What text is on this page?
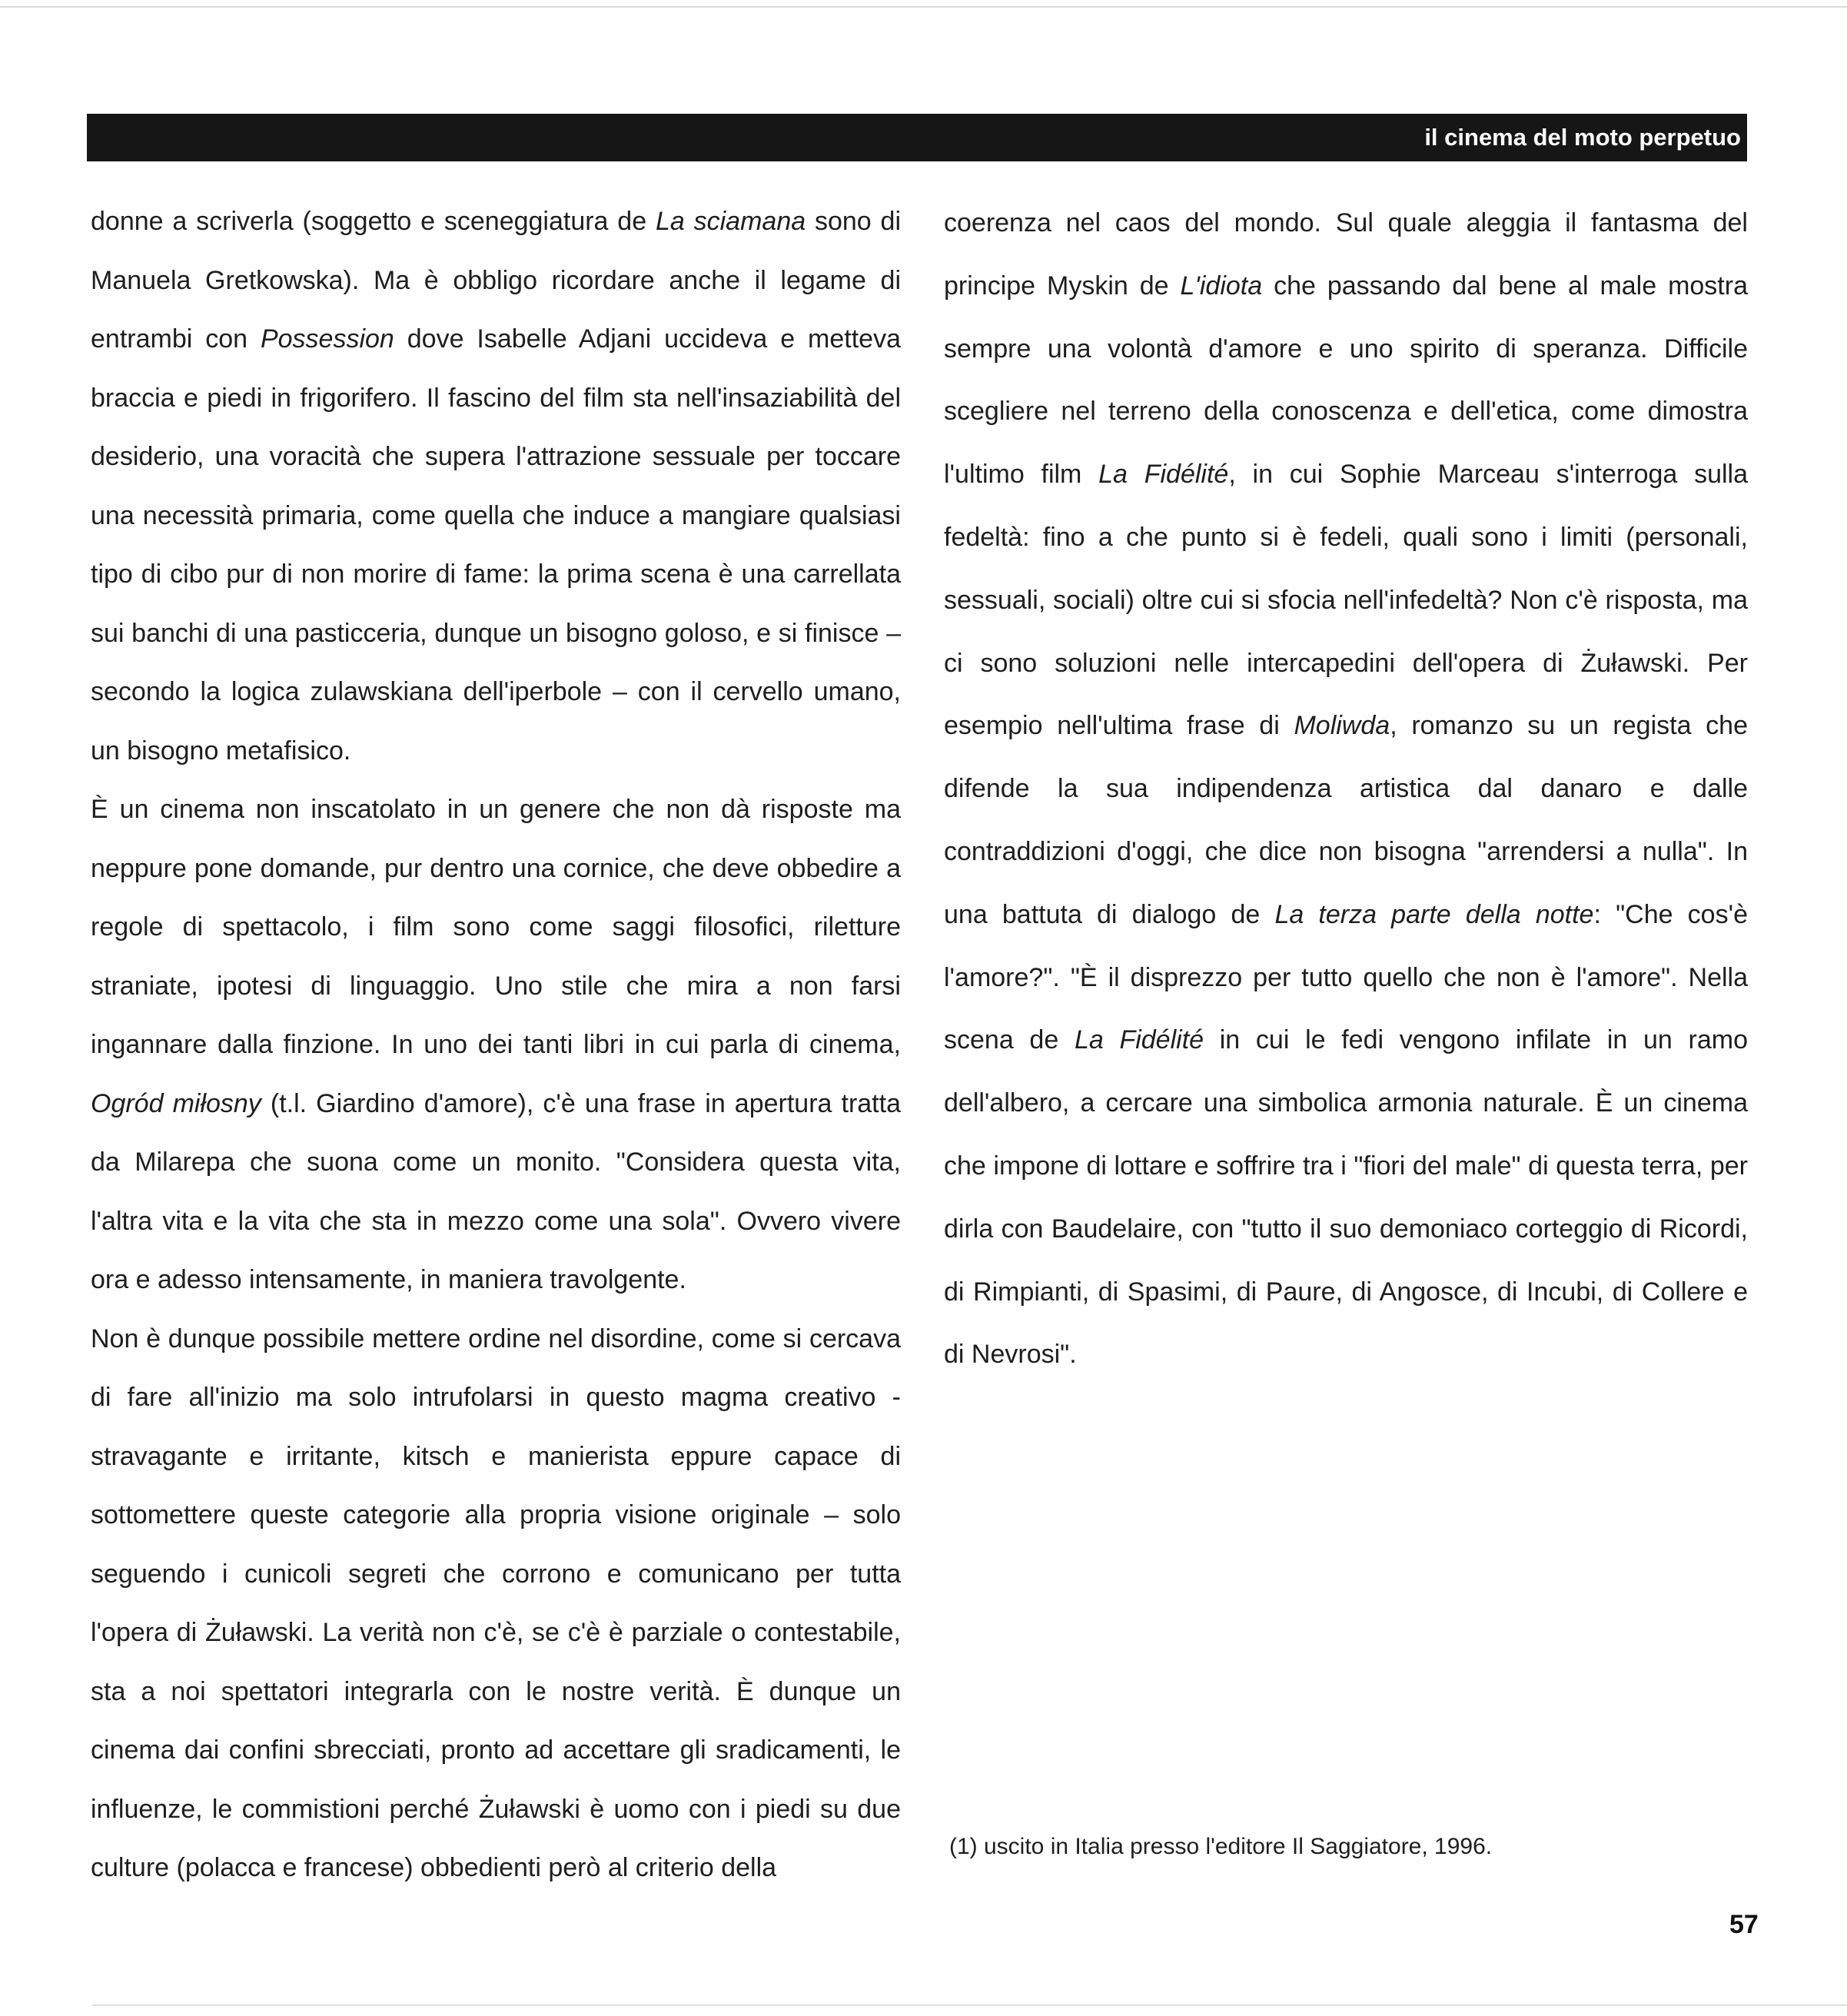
il cinema del moto perpetuo

donne a scriverla (soggetto e sceneggiatura de La sciamana sono di Manuela Gretkowska). Ma è obbligo ricordare anche il legame di entrambi con Possession dove Isabelle Adjani uccideva e metteva braccia e piedi in frigorifero. Il fascino del film sta nell'insaziabilità del desiderio, una voracità che supera l'attrazione sessuale per toccare una necessità primaria, come quella che induce a mangiare qualsiasi tipo di cibo pur di non morire di fame: la prima scena è una carrellata sui banchi di una pasticceria, dunque un bisogno goloso, e si finisce – secondo la logica zulawskiana dell'iperbole – con il cervello umano, un bisogno metafisico.

È un cinema non inscatolato in un genere che non dà risposte ma neppure pone domande, pur dentro una cornice, che deve obbedire a regole di spettacolo, i film sono come saggi filosofici, riletture straniate, ipotesi di linguaggio. Uno stile che mira a non farsi ingannare dalla finzione. In uno dei tanti libri in cui parla di cinema, Ogród miłosny (t.l. Giardino d'amore), c'è una frase in apertura tratta da Milarepa che suona come un monito. "Considera questa vita, l'altra vita e la vita che sta in mezzo come una sola". Ovvero vivere ora e adesso intensamente, in maniera travolgente.

Non è dunque possibile mettere ordine nel disordine, come si cercava di fare all'inizio ma solo intrufolarsi in questo magma creativo - stravagante e irritante, kitsch e manierista eppure capace di sottomettere queste categorie alla propria visione originale – solo seguendo i cunicoli segreti che corrono e comunicano per tutta l'opera di Żuławski. La verità non c'è, se c'è è parziale o contestabile, sta a noi spettatori integrarla con le nostre verità. È dunque un cinema dai confini sbrecciati, pronto ad accettare gli sradicamenti, le influenze, le commistioni perché Żuławski è uomo con i piedi su due culture (polacca e francese) obbedienti però al criterio della

coerenza nel caos del mondo. Sul quale aleggia il fantasma del principe Myskin de L'idiota che passando dal bene al male mostra sempre una volontà d'amore e uno spirito di speranza. Difficile scegliere nel terreno della conoscenza e dell'etica, come dimostra l'ultimo film La Fidélité, in cui Sophie Marceau s'interroga sulla fedeltà: fino a che punto si è fedeli, quali sono i limiti (personali, sessuali, sociali) oltre cui si sfocia nell'infedeltà? Non c'è risposta, ma ci sono soluzioni nelle intercapedini dell'opera di Żuławski. Per esempio nell'ultima frase di Moliwda, romanzo su un regista che difende la sua indipendenza artistica dal danaro e dalle contraddizioni d'oggi, che dice non bisogna "arrendersi a nulla". In una battuta di dialogo de La terza parte della notte: "Che cos'è l'amore?". "È il disprezzo per tutto quello che non è l'amore". Nella scena de La Fidélité in cui le fedi vengono infilate in un ramo dell'albero, a cercare una simbolica armonia naturale. È un cinema che impone di lottare e soffrire tra i "fiori del male" di questa terra, per dirla con Baudelaire, con "tutto il suo demoniaco corteggio di Ricordi, di Rimpianti, di Spasimi, di Paure, di Angosce, di Incubi, di Collere e di Nevrosi".

(1) uscito in Italia presso l'editore Il Saggiatore, 1996.
57
